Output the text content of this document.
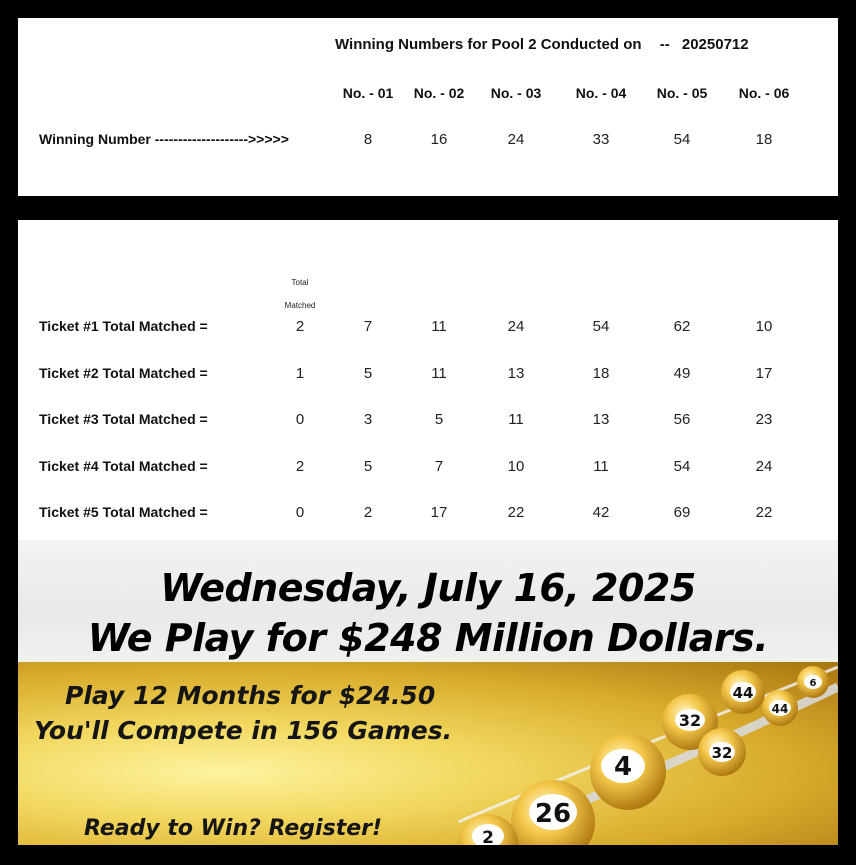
Winning Numbers for Pool 2 Conducted on -- 20250712
No. - 01	No. - 02	No. - 03	No. - 04	No. - 05	No. - 06
Winning Number -------------------->>>>>	8	16	24	33	54	18
Total
Matched
Ticket #1 Total Matched =	2	7	11	24	54	62	10
Ticket #2 Total Matched =	1	5	11	13	18	49	17
Ticket #3 Total Matched =	0	3	5	11	13	56	23
Ticket #4 Total Matched =	2	5	7	10	11	54	24
Ticket #5 Total Matched =	0	2	17	22	42	69	22
Wednesday, July 16, 2025
We Play for $248 Million Dollars.
44
44
32
32
4
26
2
6
Play 12 Months for $24.50
You'll Compete in 156 Games.
Ready to Win? Register!
